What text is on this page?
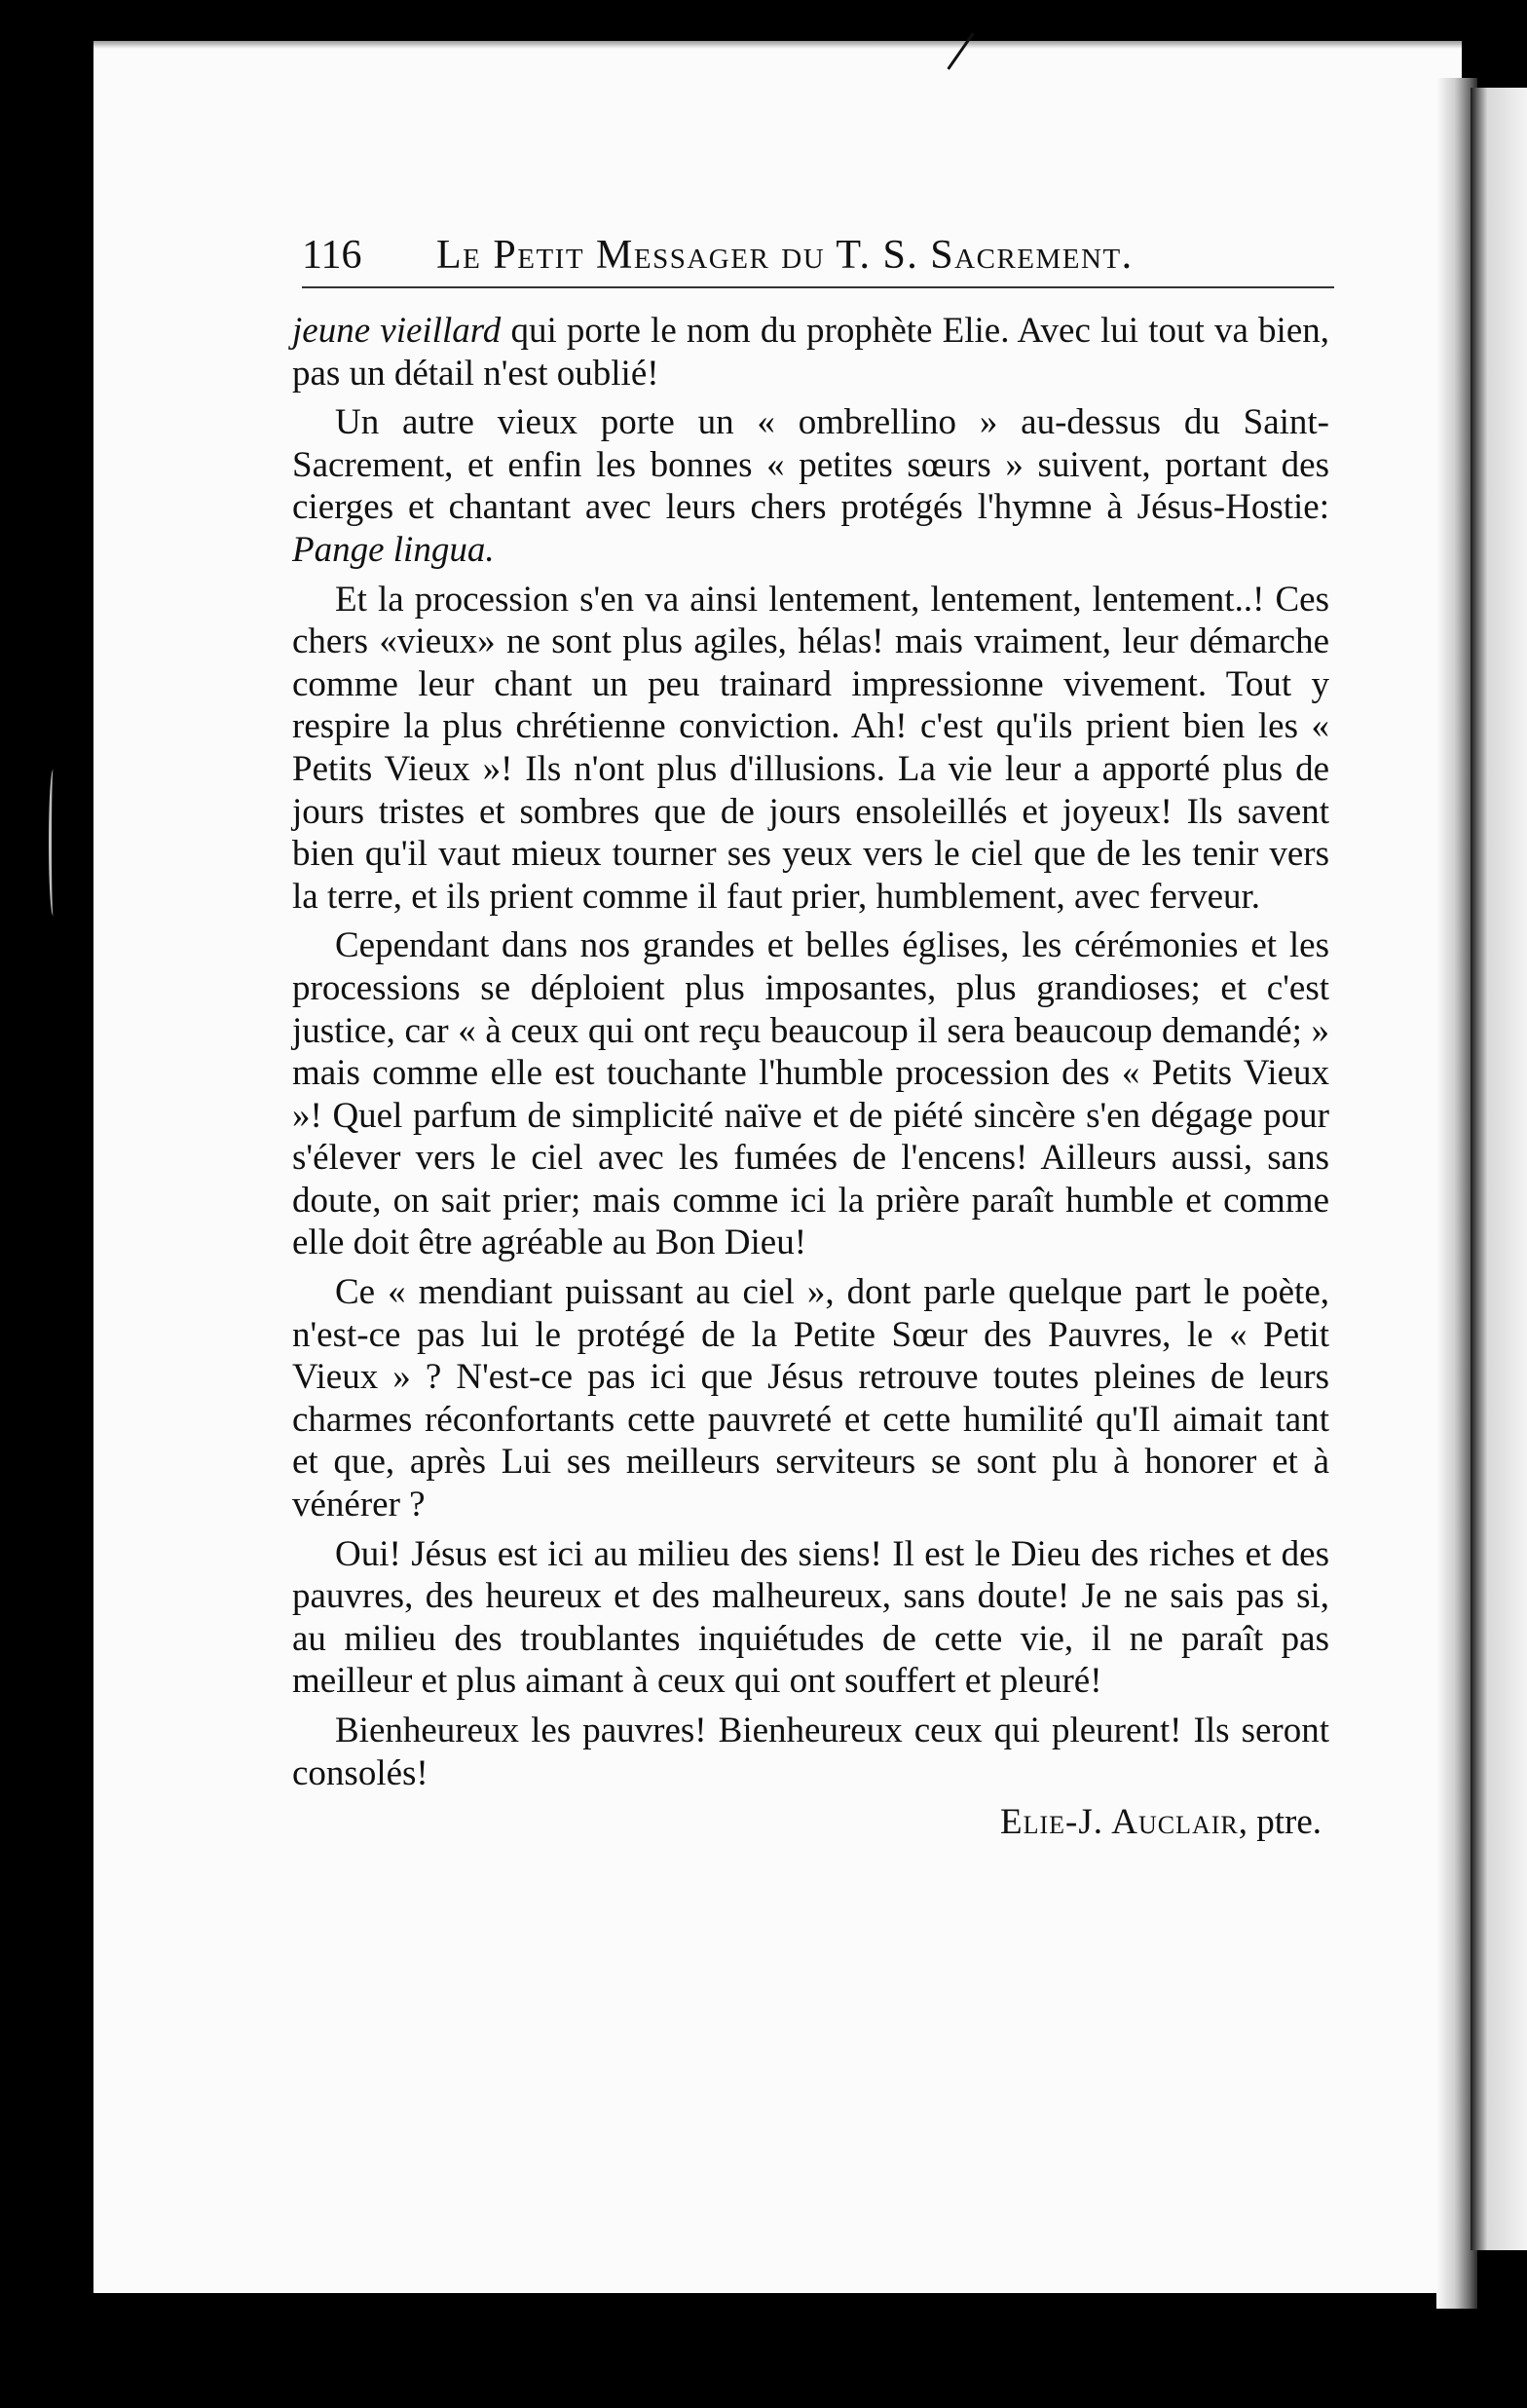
116 Le Petit Messager du T. S. Sacrement.

jeune vieillard qui porte le nom du prophète Elie. Avec lui tout va bien, pas un détail n'est oublié!

Un autre vieux porte un « ombrellino » au-dessus du Saint-Sacrement, et enfin les bonnes « petites sœurs » suivent, portant des cierges et chantant avec leurs chers protégés l'hymne à Jésus-Hostie: Pange lingua.

Et la procession s'en va ainsi lentement, lentement, lentement..! Ces chers «vieux» ne sont plus agiles, hélas! mais vraiment, leur démarche comme leur chant un peu trainard impressionne vivement. Tout y respire la plus chrétienne conviction. Ah! c'est qu'ils prient bien les « Petits Vieux »! Ils n'ont plus d'illusions. La vie leur a apporté plus de jours tristes et sombres que de jours ensoleillés et joyeux! Ils savent bien qu'il vaut mieux tourner ses yeux vers le ciel que de les tenir vers la terre, et ils prient comme il faut prier, humblement, avec ferveur.

Cependant dans nos grandes et belles églises, les cérémonies et les processions se déploient plus imposantes, plus grandioses; et c'est justice, car « à ceux qui ont reçu beaucoup il sera beaucoup demandé; » mais comme elle est touchante l'humble procession des « Petits Vieux »! Quel parfum de simplicité naïve et de piété sincère s'en dégage pour s'élever vers le ciel avec les fumées de l'encens! Ailleurs aussi, sans doute, on sait prier; mais comme ici la prière paraît humble et comme elle doit être agréable au Bon Dieu!

Ce « mendiant puissant au ciel », dont parle quelque part le poète, n'est-ce pas lui le protégé de la Petite Sœur des Pauvres, le « Petit Vieux » ? N'est-ce pas ici que Jésus retrouve toutes pleines de leurs charmes réconfortants cette pauvreté et cette humilité qu'Il aimait tant et que, après Lui ses meilleurs serviteurs se sont plu à honorer et à vénérer ?

Oui! Jésus est ici au milieu des siens! Il est le Dieu des riches et des pauvres, des heureux et des malheureux, sans doute! Je ne sais pas si, au milieu des troublantes inquiétudes de cette vie, il ne paraît pas meilleur et plus aimant à ceux qui ont souffert et pleuré!

Bienheureux les pauvres! Bienheureux ceux qui pleurent! Ils seront consolés!

Elie-J. Auclair, ptre.
